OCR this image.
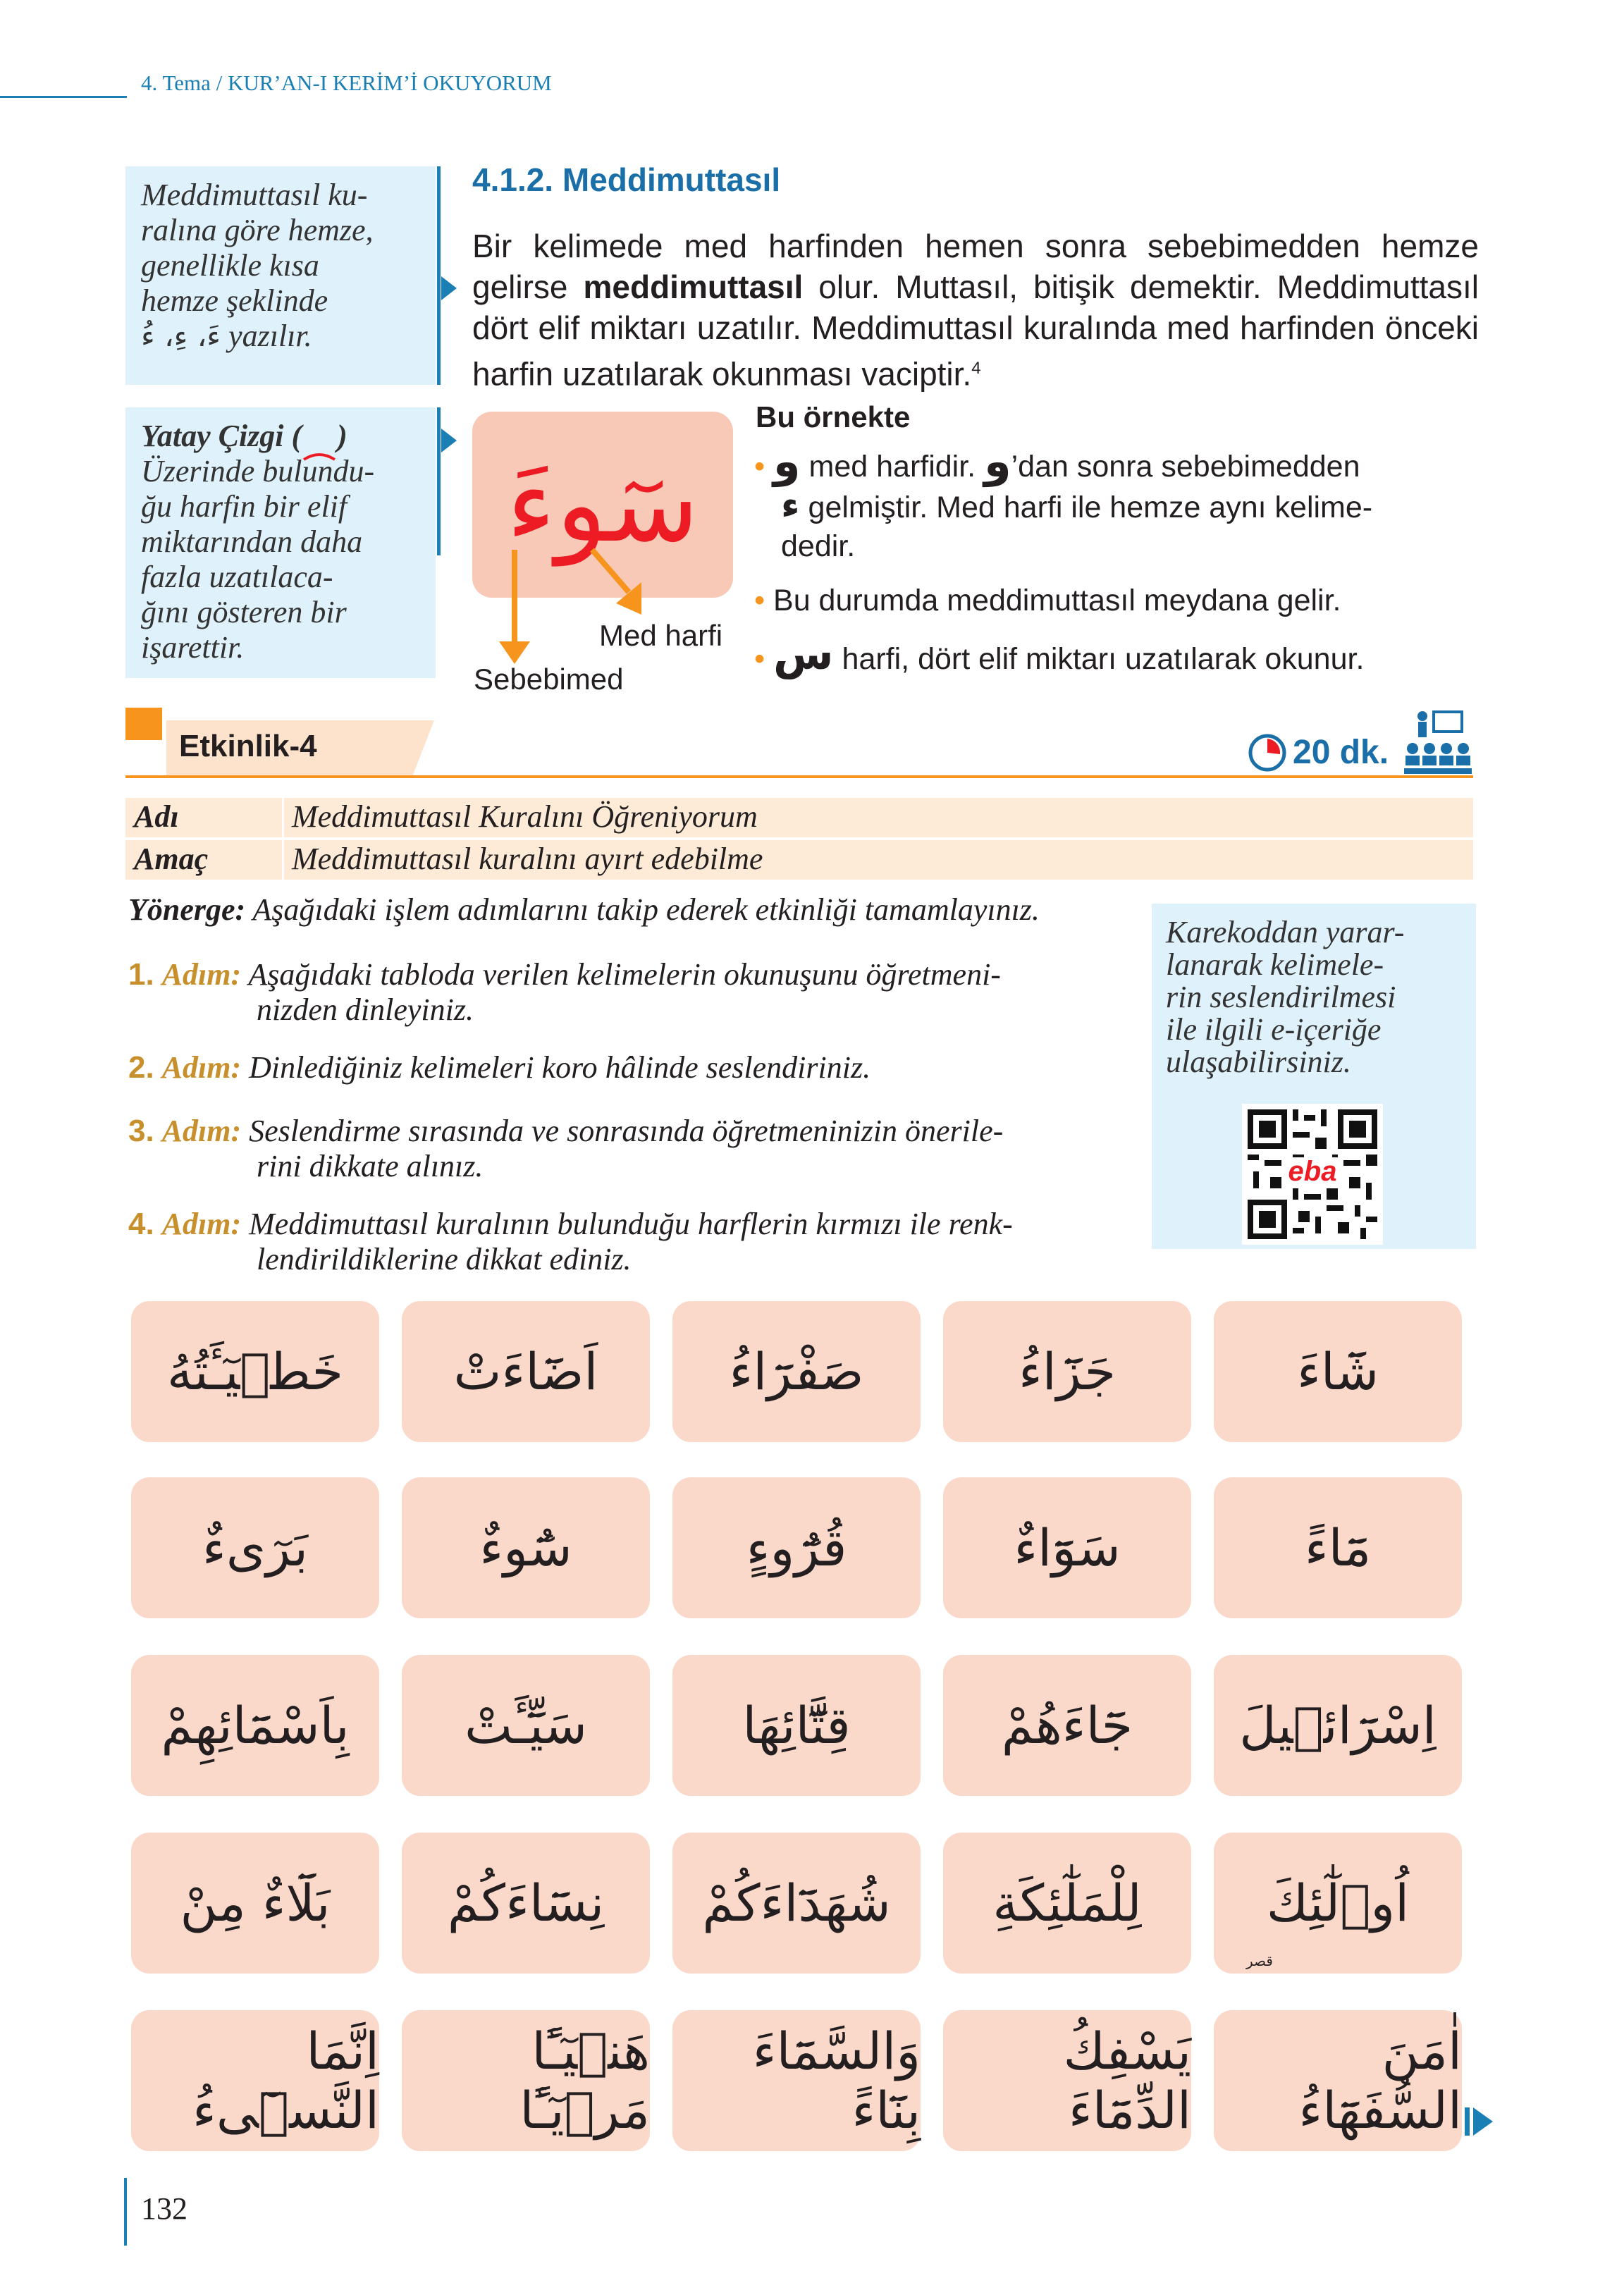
4. Tema / KUR’AN-I KERİM’İ OKUYORUM
Meddimuttasıl ku-
ralına göre hemze,
genellikle kısa
hemze şeklinde
ءَ، ءِ، ءُ yazılır.
Yatay Çizgi ( )
Üzerinde bulundu-
ğu harfin bir elif
miktarından daha
fazla uzatılaca-
ğını gösteren bir
işarettir.
4.1.2. Meddimuttasıl
Bir kelimede med harfinden hemen sonra sebebimedden hemze gelirse meddimuttasıl olur. Muttasıl, bitişik demektir. Meddimuttasıl dört elif miktarı uzatılır. Meddimuttasıl kuralında med harfinden önceki harfin uzatılarak okunması vaciptir.$^4$
سٓوءَ
Med harfi
Sebebimed
Bu örnekte
• و med harfidir. و’dan sonra sebebimedden
ء gelmiştir. Med harfi ile hemze aynı kelime-
dedir.
• Bu durumda meddimuttasıl meydana gelir.
• س harfi, dört elif miktarı uzatılarak okunur.
Etkinlik-4	20 dk.
Adı	Meddimuttasıl Kuralını Öğreniyorum
Amaç	Meddimuttasıl kuralını ayırt edebilme
Yönerge: Aşağıdaki işlem adımlarını takip ederek etkinliği tamamlayınız.
1. Adım: Aşağıdaki tabloda verilen kelimelerin okunuşunu öğretmeni-
nizden dinleyiniz.
2. Adım: Dinlediğiniz kelimeleri koro hâlinde seslendiriniz.
3. Adım: Seslendirme sırasında ve sonrasında öğretmeninizin önerile-
rini dikkate alınız.
4. Adım: Meddimuttasıl kuralının bulunduğu harflerin kırmızı ile renk-
lendirildiklerine dikkat ediniz.
Karekoddan yarar-
lanarak kelimele-
rin seslendirilmesi
ile ilgili e-içeriğe
ulaşabilirsiniz.
eba
خَطٖيٓـَٔتُهُ	اَضَٓاءَتْ	صَفْرَٓاءُ	جَزَٓاءُ	شَٓاءَ
بَرٓیءٌ	سُٓوءٌ	قُرُٓوءٍ	سَوَٓاءٌ	مَٓاءً
بِاَسْمَٓائِهِمْ	سَيِّٓـَٔتْ	قِتَّٓائِهَا	جَٓاءَهُمْ	اِسْرَٓائٖيلَ
بَلَٓاءٌ مِنْ	نِسَٓاءَكُمْ	شُهَدَٓاءَكُمْ	لِلْمَلٰٓئِكَةِ	اُو۬لٰٓئِكَ
اِنَّمَا النَّسٖٓیءُ
هَنٖيٓـًٔا مَرٖيٓـًٔا
وَالسَّمَٓاءَ بِنَٓاءً
يَسْفِكُ الدِّمَٓاءَ
اٰمَنَ السُّفَهَٓاءُ
قصر
132
